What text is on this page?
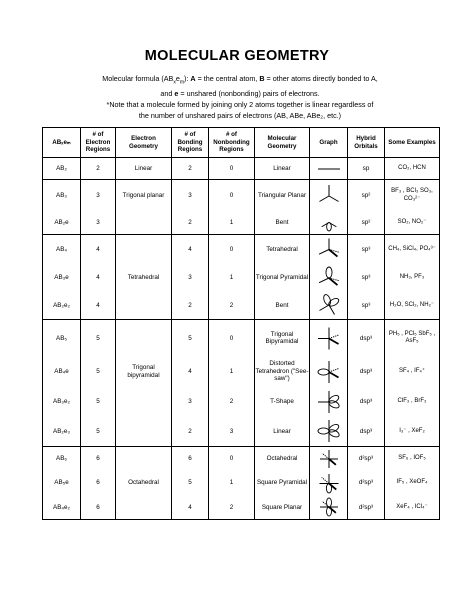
MOLECULAR GEOMETRY
Molecular formula $(AB_xe_m)$: A = the central atom, B = other atoms directly bonded to A,
and e = unshared (nonbonding) pairs of electrons.
*Note that a molecule formed by joining only 2 atoms together is linear regardless of
the number of unshared pairs of electrons (AB, ABe, ABe₂, etc.)
ABₓeₘ	# of Electron Regions	Electron Geometry	# of Bonding Regions	# of Nonbonding Regions	Molecular Geometry	Graph	Hybrid Orbitals	Some Examples
AB₂	2	Linear	2	0	Linear		sp	CO₂, HCN
AB₃	3	Trigonal planar	3	0	Triangular Planar		sp²	BF₃ , BCl₃ SO₃, CO₃²⁻
AB₂e	3		2	1	Bent		sp²	SO₂, NO₂⁻
AB₄	4		4	0	Tetrahedral		sp³	CH₄, SiCl₄, PO₄³⁻
AB₃e	4	Tetrahedral	3	1	Trigonal Pyramidal		sp³	NH₃, PF₃
AB₂e₂	4		2	2	Bent		sp³	H₂O, SCl₂, NH₂⁻
AB₅	5		5	0	Trigonal Bipyramidal		dsp³	PH₅ , PCl₅ SbF₅ , AsF₅
AB₄e	5	Trigonal bipyramidal	4	1	Distorted Tetrahedron ("See-saw")		dsp³	SF₄ , IF₄⁺
AB₃e₂	5		3	2	T-Shape		dsp³	ClF₃ , BrF₃
AB₂e₃	5		2	3	Linear		dsp³	I₃⁻ , XeF₂
AB₆	6		6	0	Octahedral		d²sp³	SF₆ , IOF₅
AB₅e	6	Octahedral	5	1	Square Pyramidal		d²sp³	IF₅ , XeOF₄
AB₄e₂	6		4	2	Square Planar		d²sp³	XeF₄ , ICl₄⁻
